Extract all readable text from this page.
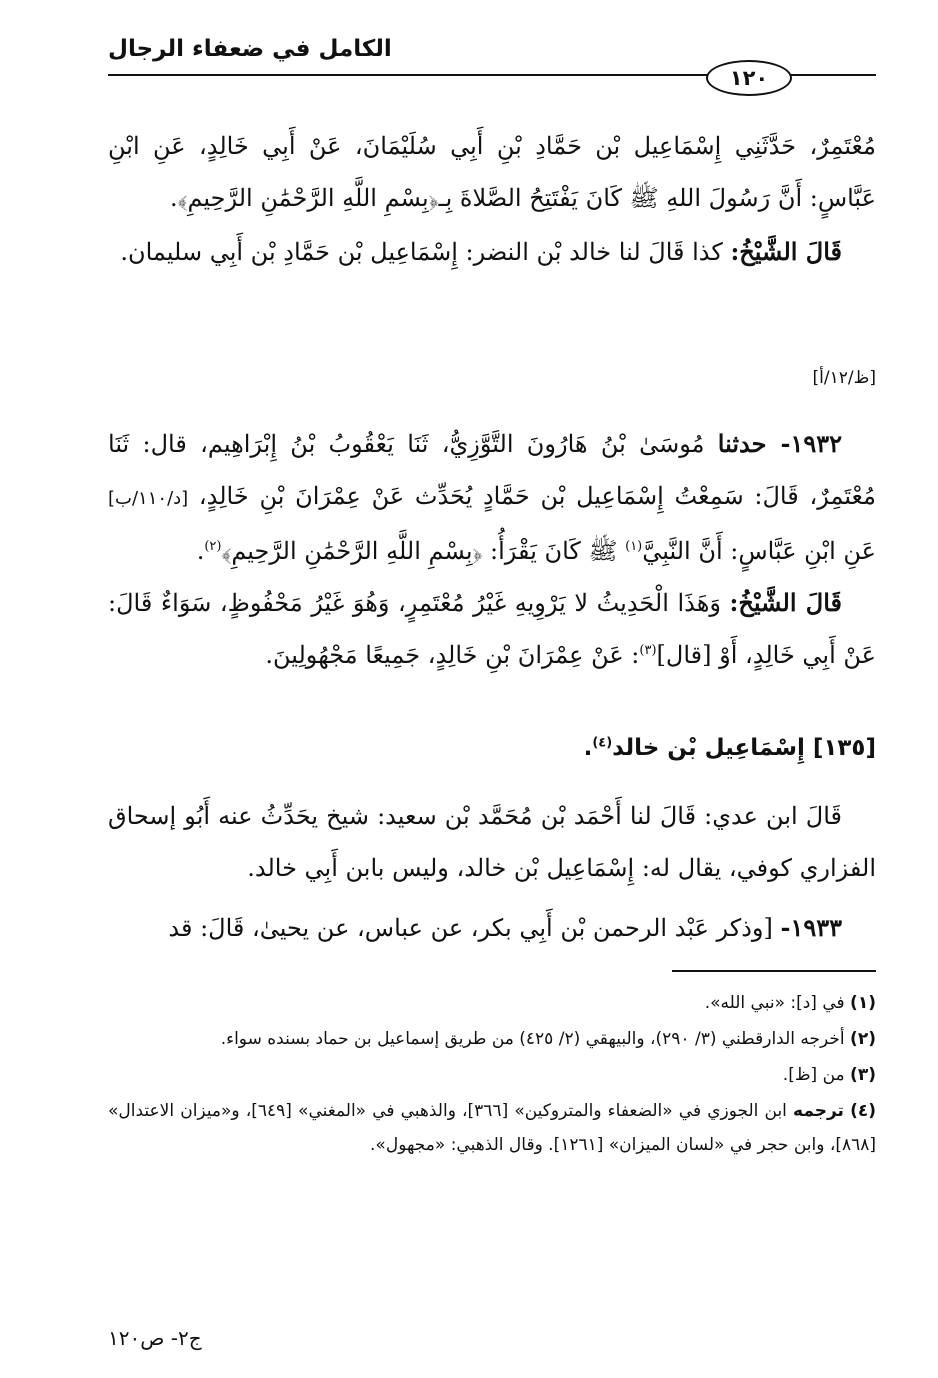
الكامل في ضعفاء الرجال
١٢٠

مُعْتَمِرٌ، حَدَّثَنِي إِسْمَاعِيل بْن حَمَّادِ بْنِ أَبِي سُلَيْمَانَ، عَنْ أَبِي خَالِدٍ، عَنِ ابْنِ عَبَّاسٍ: أَنَّ رَسُولَ اللهِ ﷺ كَانَ يَفْتَتِحُ الصَّلاةَ بِـ﴿بِسْمِ اللَّهِ الرَّحْمَٰنِ الرَّحِيمِ﴾.

قَالَ الشَّيْخُ: كذا قَالَ لنا خالد بْن النضر: إِسْمَاعِيل بْن حَمَّادِ بْن أَبِي سليمان.

[ظ/١٢/أ]

١٩٣٢- حدثنا مُوسَىٰ بْنُ هَارُونَ التَّوَّزِيُّ، ثَنَا يَعْقُوبُ بْنُ إِبْرَاهِيم، قال: ثَنَا مُعْتَمِرٌ، قَالَ: سَمِعْتُ إِسْمَاعِيل بْن حَمَّادٍ يُحَدِّث عَنْ عِمْرَانَ بْنِ خَالِدٍ، [د/١١٠/ب] عَنِ ابْنِ عَبَّاسٍ: أَنَّ النَّبِيَّ$^{(١)}$ ﷺ كَانَ يَقْرَأُ: ﴿بِسْمِ اللَّهِ الرَّحْمَٰنِ الرَّحِيمِ﴾$^{(٢)}$.

قَالَ الشَّيْخُ: وَهَذَا الْحَدِيثُ لا يَرْوِيهِ غَيْرُ مُعْتَمِرٍ، وَهُوَ غَيْرُ مَحْفُوظٍ، سَوَاءٌ قَالَ: عَنْ أَبِي خَالِدٍ، أَوْ [قال]$^{(٣)}$: عَنْ عِمْرَانَ بْنِ خَالِدٍ، جَمِيعًا مَجْهُولِينَ.

[١٣٥] إِسْمَاعِيل بْن خالد$^{(٤)}$.

قَالَ ابن عدي: قَالَ لنا أَحْمَد بْن مُحَمَّد بْن سعيد: شيخ يحَدِّثُ عنه أَبُو إسحاق الفزاري كوفي، يقال له: إِسْمَاعِيل بْن خالد، وليس بابن أَبِي خالد.

١٩٣٣- [وذكر عَبْد الرحمن بْن أَبِي بكر، عن عباس، عن يحيىٰ، قَالَ: قد

(١) في [د]: «نبي الله».

(٢) أخرجه الدارقطني (٣/ ٢٩٠)، والبيهقي (٢/ ٤٢٥) من طريق إسماعيل بن حماد بسنده سواء.

(٣) من [ظ].

(٤) ترجمه ابن الجوزي في «الضعفاء والمتروكين» [٣٦٦]، والذهبي في «المغني» [٦٤٩]، و«ميزان الاعتدال» [٨٦٨]، وابن حجر في «لسان الميزان» [١٢٦١]. وقال الذهبي: «مجهول».

ج٢- ص١٢٠
